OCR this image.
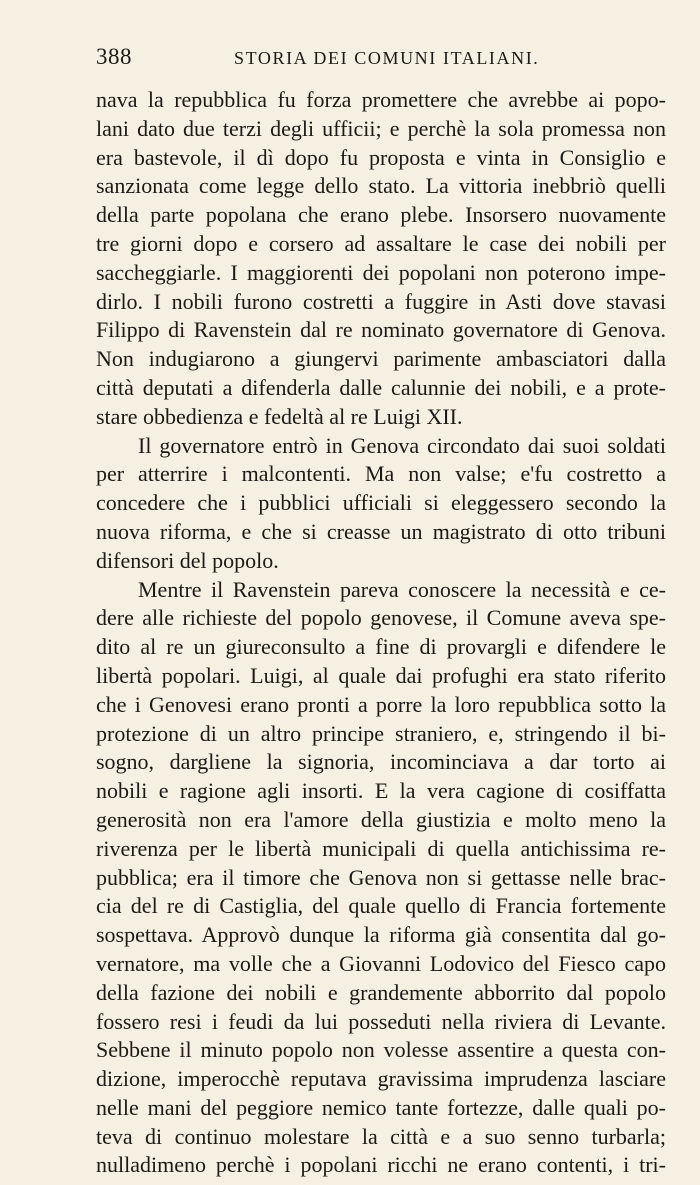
388	STORIA DEI COMUNI ITALIANI.
nava la repubblica fu forza promettere che avrebbe ai popo-
lani dato due terzi degli ufficii; e perchè la sola promessa non
era bastevole, il dì dopo fu proposta e vinta in Consiglio e
sanzionata come legge dello stato. La vittoria inebbriò quelli
della parte popolana che erano plebe. Insorsero nuovamente
tre giorni dopo e corsero ad assaltare le case dei nobili per
saccheggiarle. I maggiorenti dei popolani non poterono impe-
dirlo. I nobili furono costretti a fuggire in Asti dove stavasi
Filippo di Ravenstein dal re nominato governatore di Genova.
Non indugiarono a giungervi parimente ambasciatori dalla
città deputati a difenderla dalle calunnie dei nobili, e a prote-
stare obbedienza e fedeltà al re Luigi XII.
Il governatore entrò in Genova circondato dai suoi soldati
per atterrire i malcontenti. Ma non valse; e'fu costretto a
concedere che i pubblici ufficiali si eleggessero secondo la
nuova riforma, e che si creasse un magistrato di otto tribuni
difensori del popolo.
Mentre il Ravenstein pareva conoscere la necessità e ce-
dere alle richieste del popolo genovese, il Comune aveva spe-
dito al re un giureconsulto a fine di provargli e difendere le
libertà popolari. Luigi, al quale dai profughi era stato riferito
che i Genovesi erano pronti a porre la loro repubblica sotto la
protezione di un altro principe straniero, e, stringendo il bi-
sogno, dargliene la signoria, incominciava a dar torto ai
nobili e ragione agli insorti. E la vera cagione di cosiffatta
generosità non era l'amore della giustizia e molto meno la
riverenza per le libertà municipali di quella antichissima re-
pubblica; era il timore che Genova non si gettasse nelle brac-
cia del re di Castiglia, del quale quello di Francia fortemente
sospettava. Approvò dunque la riforma già consentita dal go-
vernatore, ma volle che a Giovanni Lodovico del Fiesco capo
della fazione dei nobili e grandemente abborrito dal popolo
fossero resi i feudi da lui posseduti nella riviera di Levante.
Sebbene il minuto popolo non volesse assentire a questa con-
dizione, imperocchè reputava gravissima imprudenza lasciare
nelle mani del peggiore nemico tante fortezze, dalle quali po-
teva di continuo molestare la città e a suo senno turbarla;
nulladimeno perchè i popolani ricchi ne erano contenti, i tri-
